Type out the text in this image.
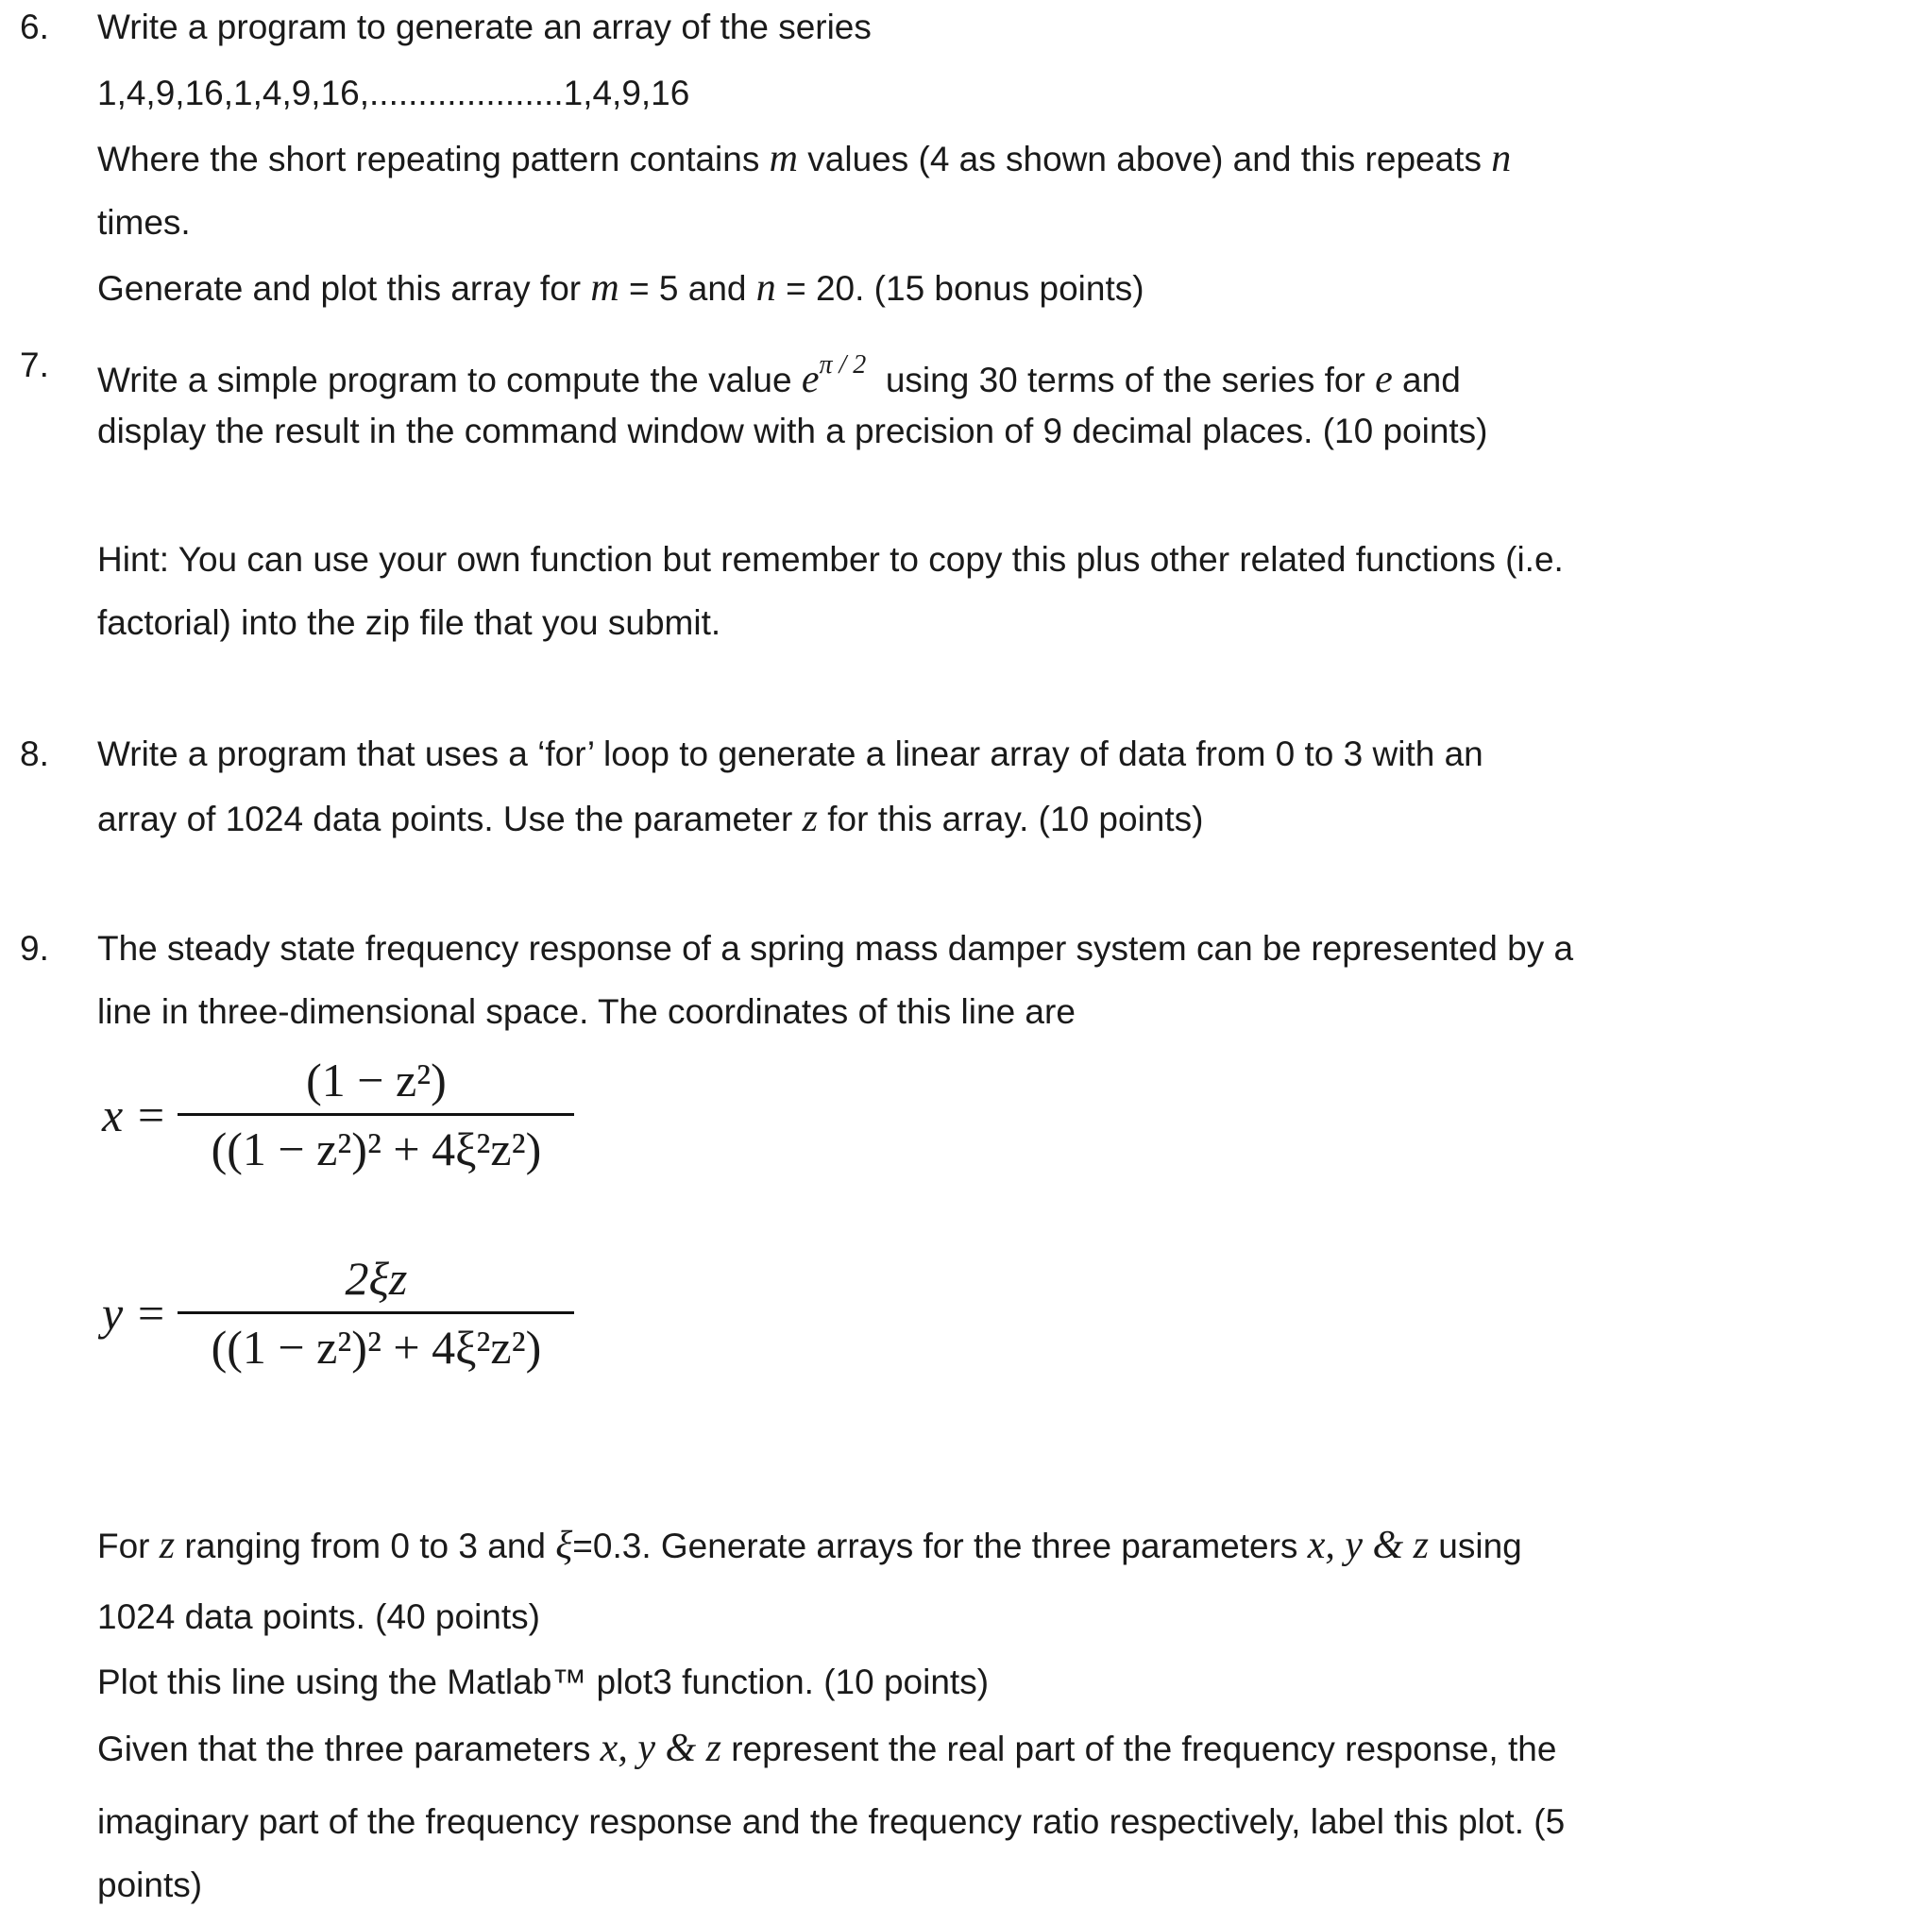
6. Write a program to generate an array of the series
1,4,9,16,1,4,9,16,....................1,4,9,16
Where the short repeating pattern contains m values (4 as shown above) and this repeats n
times.
Generate and plot this array for m = 5 and n = 20. (15 bonus points)
7. Write a simple program to compute the value $e^{\pi / 2}$ using 30 terms of the series for e and
display the result in the command window with a precision of 9 decimal places. (10 points)
Hint: You can use your own function but remember to copy this plus other related functions (i.e.
factorial) into the zip file that you submit.
8. Write a program that uses a ‘for’ loop to generate a linear array of data from 0 to 3 with an
array of 1024 data points. Use the parameter z for this array. (10 points)
9. The steady state frequency response of a spring mass damper system can be represented by a
line in three-dimensional space. The coordinates of this line are
$x = \frac{\text{(1 − z²)}}{\text{((1 − z²)² + 4ξ²z²)}}$
$y = \frac{2\xi z}{\text{((1 − z²)² + 4ξ²z²)}}$
For z ranging from 0 to 3 and ξ=0.3. Generate arrays for the three parameters x, y & z using
1024 data points. (40 points)
Plot this line using the Matlab™ plot3 function. (10 points)
Given that the three parameters x, y & z represent the real part of the frequency response, the
imaginary part of the frequency response and the frequency ratio respectively, label this plot. (5
points)
